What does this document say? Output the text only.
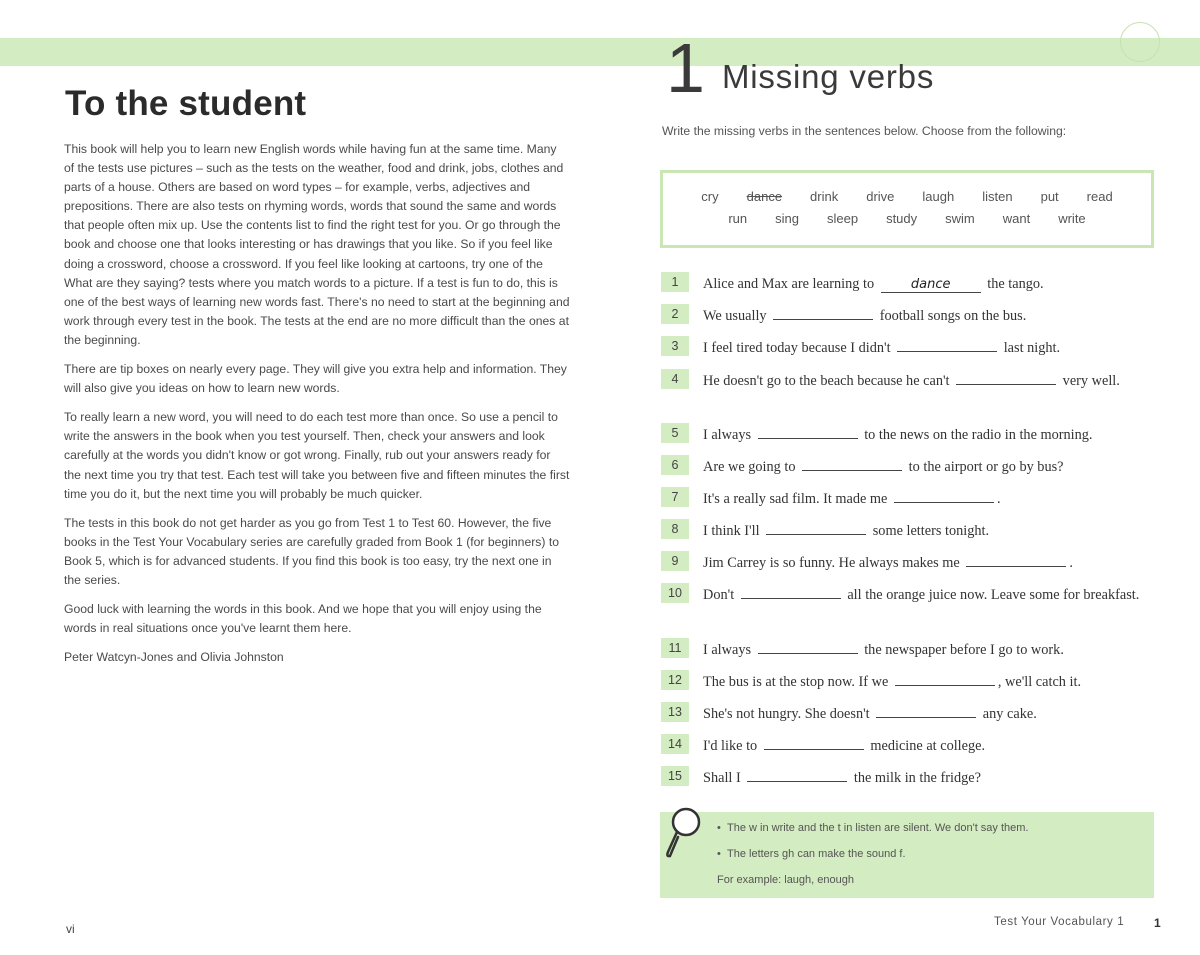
To the student

This book will help you to learn new English words while having fun at the same time. Many of the tests use pictures – such as the tests on the weather, food and drink, jobs, clothes and parts of a house. Others are based on word types – for example, verbs, adjectives and prepositions. There are also tests on rhyming words, words that sound the same and words that people often mix up. Use the contents list to find the right test for you. Or go through the book and choose one that looks interesting or has drawings that you like. So if you feel like doing a crossword, choose a crossword. If you feel like looking at cartoons, try one of the What are they saying? tests where you match words to a picture. If a test is fun to do, this is one of the best ways of learning new words fast. There's no need to start at the beginning and work through every test in the book. The tests at the end are no more difficult than the ones at the beginning.

There are tip boxes on nearly every page. They will give you extra help and information. They will also give you ideas on how to learn new words.

To really learn a new word, you will need to do each test more than once. So use a pencil to write the answers in the book when you test yourself. Then, check your answers and look carefully at the words you didn't know or got wrong. Finally, rub out your answers ready for the next time you try that test. Each test will take you between five and fifteen minutes the first time you do it, but the next time you will probably be much quicker.

The tests in this book do not get harder as you go from Test 1 to Test 60. However, the five books in the Test Your Vocabulary series are carefully graded from Book 1 (for beginners) to Book 5, which is for advanced students. If you find this book is too easy, try the next one in the series.

Good luck with learning the words in this book. And we hope that you will enjoy using the words in real situations once you've learnt them here.

Peter Watcyn-Jones and Olivia Johnston

vi
1 Missing verbs
Write the missing verbs in the sentences below. Choose from the following:
cry dance drink drive laugh listen put read
run sing sleep study swim want write
1	Alice and Max are learning to	dance the tango.
2	We usually	football songs on the bus.
3	I feel tired today because I didn't	last night.
4	He doesn't go to the beach because he can't	very well.
5	I always	to the news on the radio in the morning.
6	Are we going to	to the airport or go by bus?
7	It's a really sad film. It made me	.
8	I think I'll	some letters tonight.
9	Jim Carrey is so funny. He always makes me	.
10	Don't	all the orange juice now. Leave some for breakfast.
11	I always	the newspaper before I go to work.
12	The bus is at the stop now. If we	, we'll catch it.
13	She's not hungry. She doesn't	any cake.
14	I'd like to	medicine at college.
15	Shall I	the milk in the fridge?
• The w in write and the t in listen are silent. We don't say them.
• The letters gh can make the sound f.
For example: laugh, enough
Test Your Vocabulary 1 1
